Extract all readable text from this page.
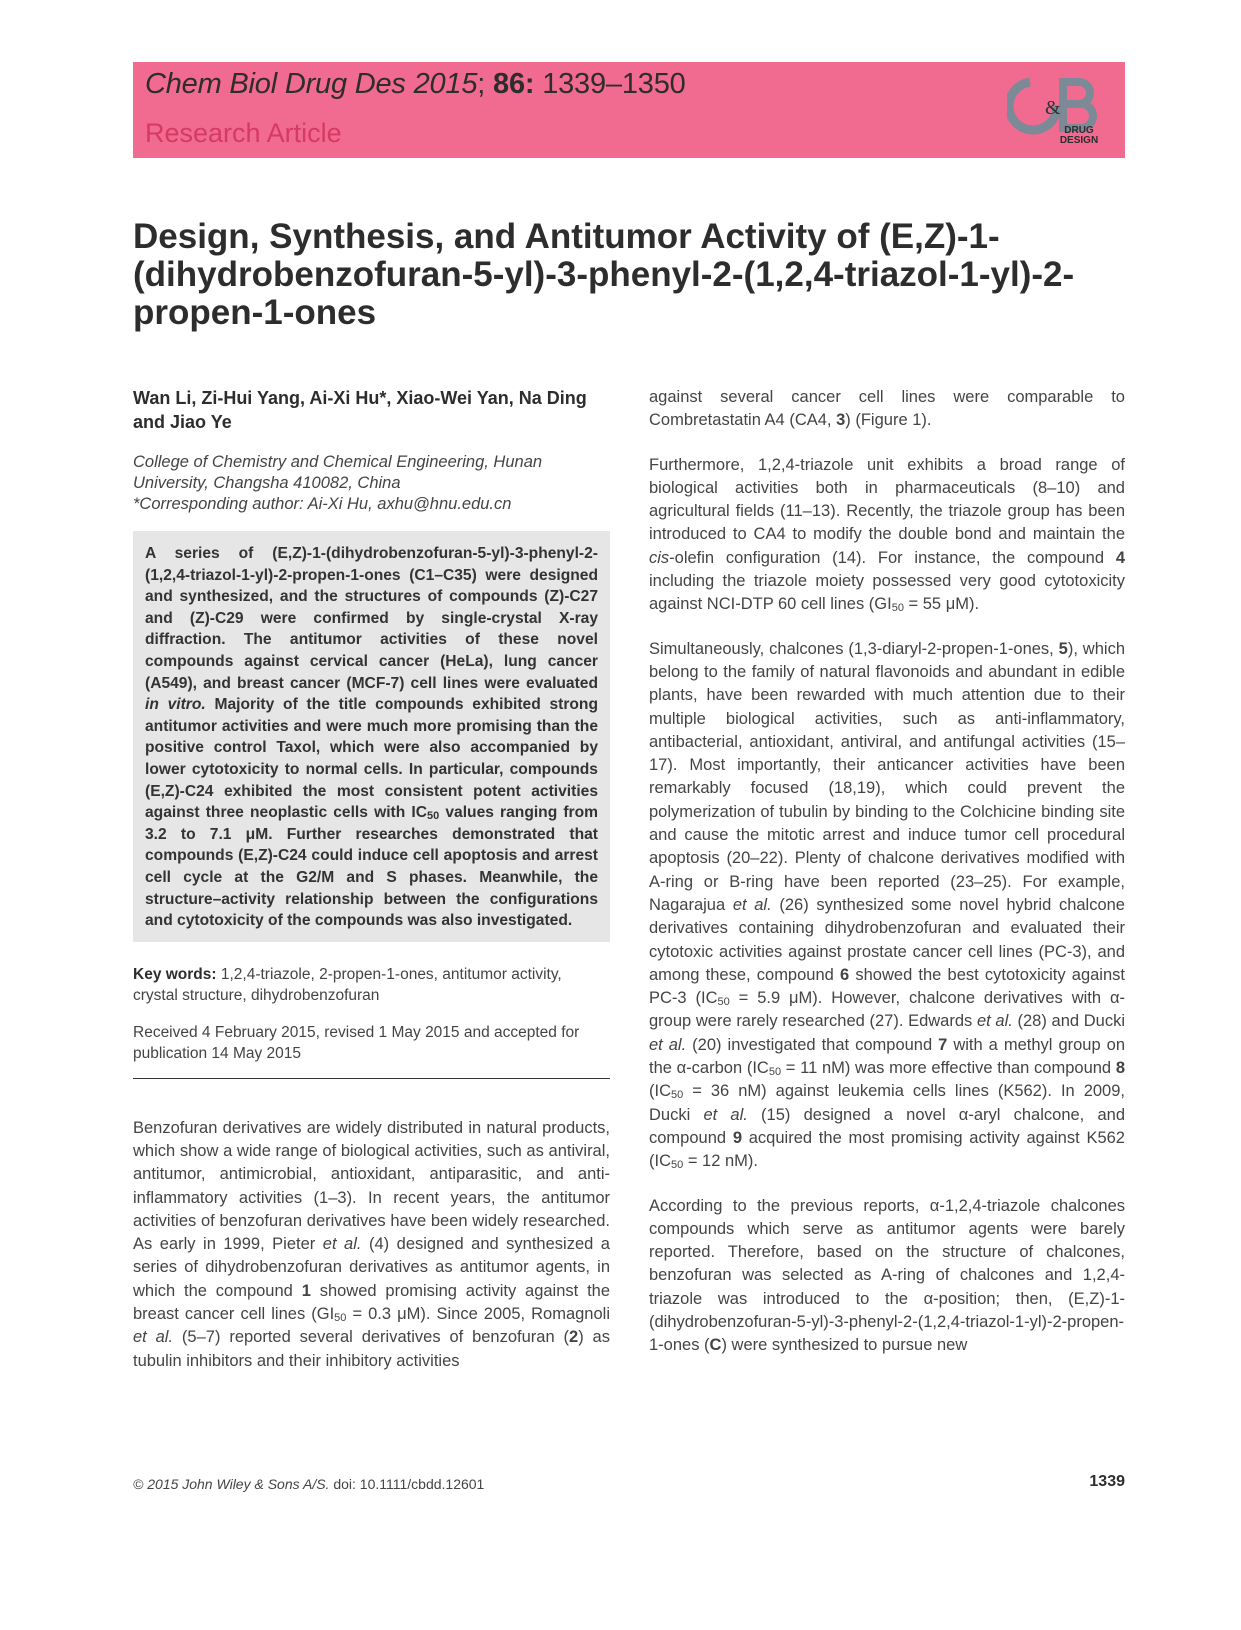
Chem Biol Drug Des 2015; 86: 1339–1350
Research Article
&
DRUG DESIGN
Design, Synthesis, and Antitumor Activity of (E,Z)-1-(dihydrobenzofuran-5-yl)-3-phenyl-2-(1,2,4-triazol-1-yl)-2-propen-1-ones

Wan Li, Zi-Hui Yang, Ai-Xi Hu*, Xiao-Wei Yan, Na Ding and Jiao Ye

College of Chemistry and Chemical Engineering, Hunan University, Changsha 410082, China
*Corresponding author: Ai-Xi Hu, axhu@hnu.edu.cn
A series of (E,Z)-1-(dihydrobenzofuran-5-yl)-3-phenyl-2-(1,2,4-triazol-1-yl)-2-propen-1-ones (C1–C35) were designed and synthesized, and the structures of compounds (Z)-C27 and (Z)-C29 were confirmed by single-crystal X-ray diffraction. The antitumor activities of these novel compounds against cervical cancer (HeLa), lung cancer (A549), and breast cancer (MCF-7) cell lines were evaluated in vitro. Majority of the title compounds exhibited strong antitumor activities and were much more promising than the positive control Taxol, which were also accompanied by lower cytotoxicity to normal cells. In particular, compounds (E,Z)-C24 exhibited the most consistent potent activities against three neoplastic cells with $IC_{50}$ values ranging from 3.2 to 7.1 μM. Further researches demonstrated that compounds (E,Z)-C24 could induce cell apoptosis and arrest cell cycle at the G2/M and S phases. Meanwhile, the structure–activity relationship between the configurations and cytotoxicity of the compounds was also investigated.
Key words: 1,2,4-triazole, 2-propen-1-ones, antitumor activity, crystal structure, dihydrobenzofuran
Received 4 February 2015, revised 1 May 2015 and accepted for publication 14 May 2015

Benzofuran derivatives are widely distributed in natural products, which show a wide range of biological activities, such as antiviral, antitumor, antimicrobial, antioxidant, antiparasitic, and anti-inflammatory activities (1–3). In recent years, the antitumor activities of benzofuran derivatives have been widely researched. As early in 1999, Pieter et al. (4) designed and synthesized a series of dihydrobenzofuran derivatives as antitumor agents, in which the compound 1 showed promising activity against the breast cancer cell lines ($GI_{50} = 0.3$ μM). Since 2005, Romagnoli et al. (5–7) reported several derivatives of benzofuran (2) as tubulin inhibitors and their inhibitory activities

against several cancer cell lines were comparable to Combretastatin A4 (CA4, 3) (Figure 1).

Furthermore, 1,2,4-triazole unit exhibits a broad range of biological activities both in pharmaceuticals (8–10) and agricultural fields (11–13). Recently, the triazole group has been introduced to CA4 to modify the double bond and maintain the cis-olefin configuration (14). For instance, the compound 4 including the triazole moiety possessed very good cytotoxicity against NCI-DTP 60 cell lines ($GI_{50} = 55$ μM).

Simultaneously, chalcones (1,3-diaryl-2-propen-1-ones, 5), which belong to the family of natural flavonoids and abundant in edible plants, have been rewarded with much attention due to their multiple biological activities, such as anti-inflammatory, antibacterial, antioxidant, antiviral, and antifungal activities (15–17). Most importantly, their anticancer activities have been remarkably focused (18,19), which could prevent the polymerization of tubulin by binding to the Colchicine binding site and cause the mitotic arrest and induce tumor cell procedural apoptosis (20–22). Plenty of chalcone derivatives modified with A-ring or B-ring have been reported (23–25). For example, Nagarajua et al. (26) synthesized some novel hybrid chalcone derivatives containing dihydrobenzofuran and evaluated their cytotoxic activities against prostate cancer cell lines (PC-3), and among these, compound 6 showed the best cytotoxicity against PC-3 ($IC_{50} = 5.9$ μM). However, chalcone derivatives with α-group were rarely researched (27). Edwards et al. (28) and Ducki et al. (20) investigated that compound 7 with a methyl group on the α-carbon ($IC_{50} = 11$ nM) was more effective than compound 8 ($IC_{50} = 36$ nM) against leukemia cells lines (K562). In 2009, Ducki et al. (15) designed a novel α-aryl chalcone, and compound 9 acquired the most promising activity against K562 ($IC_{50} = 12$ nM).

According to the previous reports, α-1,2,4-triazole chalcones compounds which serve as antitumor agents were barely reported. Therefore, based on the structure of chalcones, benzofuran was selected as A-ring of chalcones and 1,2,4-triazole was introduced to the α-position; then, (E,Z)-1-(dihydrobenzofuran-5-yl)-3-phenyl-2-(1,2,4-triazol-1-yl)-2-propen-1-ones (C) were synthesized to pursue new

© 2015 John Wiley & Sons A/S. doi: 10.1111/cbdd.12601	1339
